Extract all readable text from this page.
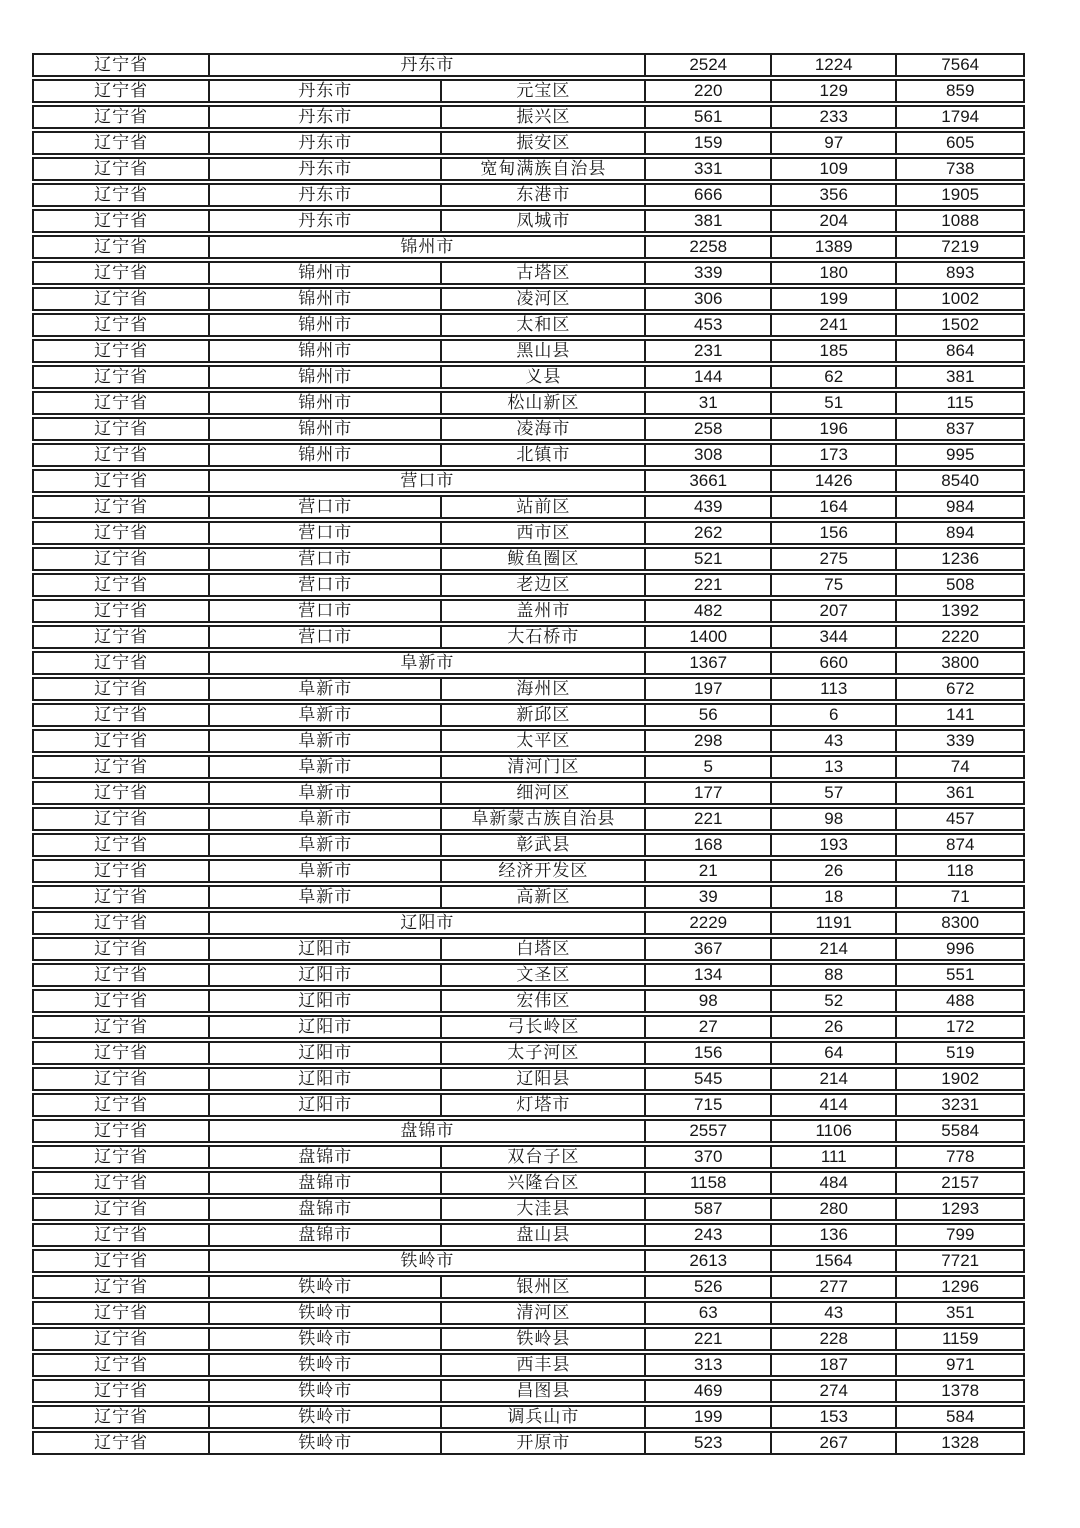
辽宁省	丹东市	2524	1224	7564
辽宁省	丹东市	元宝区	220	129	859
辽宁省	丹东市	振兴区	561	233	1794
辽宁省	丹东市	振安区	159	97	605
辽宁省	丹东市	宽甸满族自治县	331	109	738
辽宁省	丹东市	东港市	666	356	1905
辽宁省	丹东市	凤城市	381	204	1088
辽宁省	锦州市	2258	1389	7219
辽宁省	锦州市	古塔区	339	180	893
辽宁省	锦州市	凌河区	306	199	1002
辽宁省	锦州市	太和区	453	241	1502
辽宁省	锦州市	黑山县	231	185	864
辽宁省	锦州市	义县	144	62	381
辽宁省	锦州市	松山新区	31	51	115
辽宁省	锦州市	凌海市	258	196	837
辽宁省	锦州市	北镇市	308	173	995
辽宁省	营口市	3661	1426	8540
辽宁省	营口市	站前区	439	164	984
辽宁省	营口市	西市区	262	156	894
辽宁省	营口市	鲅鱼圈区	521	275	1236
辽宁省	营口市	老边区	221	75	508
辽宁省	营口市	盖州市	482	207	1392
辽宁省	营口市	大石桥市	1400	344	2220
辽宁省	阜新市	1367	660	3800
辽宁省	阜新市	海州区	197	113	672
辽宁省	阜新市	新邱区	56	6	141
辽宁省	阜新市	太平区	298	43	339
辽宁省	阜新市	清河门区	5	13	74
辽宁省	阜新市	细河区	177	57	361
辽宁省	阜新市	阜新蒙古族自治县	221	98	457
辽宁省	阜新市	彰武县	168	193	874
辽宁省	阜新市	经济开发区	21	26	118
辽宁省	阜新市	高新区	39	18	71
辽宁省	辽阳市	2229	1191	8300
辽宁省	辽阳市	白塔区	367	214	996
辽宁省	辽阳市	文圣区	134	88	551
辽宁省	辽阳市	宏伟区	98	52	488
辽宁省	辽阳市	弓长岭区	27	26	172
辽宁省	辽阳市	太子河区	156	64	519
辽宁省	辽阳市	辽阳县	545	214	1902
辽宁省	辽阳市	灯塔市	715	414	3231
辽宁省	盘锦市	2557	1106	5584
辽宁省	盘锦市	双台子区	370	111	778
辽宁省	盘锦市	兴隆台区	1158	484	2157
辽宁省	盘锦市	大洼县	587	280	1293
辽宁省	盘锦市	盘山县	243	136	799
辽宁省	铁岭市	2613	1564	7721
辽宁省	铁岭市	银州区	526	277	1296
辽宁省	铁岭市	清河区	63	43	351
辽宁省	铁岭市	铁岭县	221	228	1159
辽宁省	铁岭市	西丰县	313	187	971
辽宁省	铁岭市	昌图县	469	274	1378
辽宁省	铁岭市	调兵山市	199	153	584
辽宁省	铁岭市	开原市	523	267	1328
